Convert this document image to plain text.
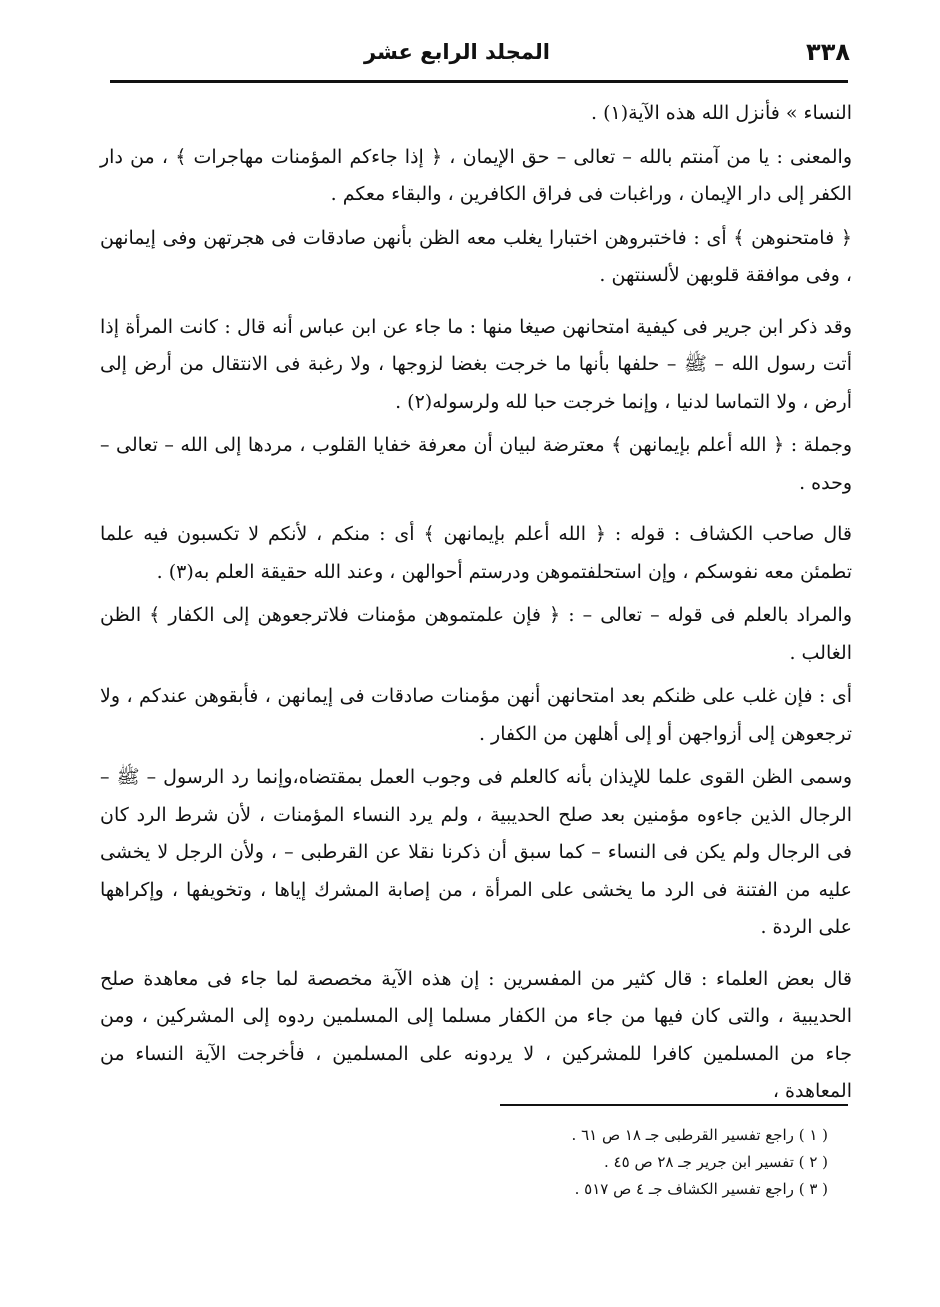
٣٣٨
المجلد الرابع عشر

النساء » فأنزل الله هذه الآية(١) .

والمعنى : يا من آمنتم بالله – تعالى – حق الإيمان ، ﴿ إذا جاءكم المؤمنات مهاجرات ﴾ ، من دار الكفر إلى دار الإيمان ، وراغبات فى فراق الكافرين ، والبقاء معكم .

﴿ فامتحنوهن ﴾ أى : فاختبروهن اختبارا يغلب معه الظن بأنهن صادقات فى هجرتهن وفى إيمانهن ، وفى موافقة قلوبهن لألسنتهن .

وقد ذكر ابن جرير فى كيفية امتحانهن صيغا منها : ما جاء عن ابن عباس أنه قال : كانت المرأة إذا أتت رسول الله – ﷺ – حلفها بأنها ما خرجت بغضا لزوجها ، ولا رغبة فى الانتقال من أرض إلى أرض ، ولا التماسا لدنيا ، وإنما خرجت حبا لله ولرسوله(٢) .

وجملة : ﴿ الله أعلم بإيمانهن ﴾ معترضة لبيان أن معرفة خفايا القلوب ، مردها إلى الله – تعالى – وحده .

قال صاحب الكشاف : قوله : ﴿ الله أعلم بإيمانهن ﴾ أى : منكم ، لأنكم لا تكسبون فيه علما تطمئن معه نفوسكم ، وإن استحلفتموهن ودرستم أحوالهن ، وعند الله حقيقة العلم به(٣) .

والمراد بالعلم فى قوله – تعالى – : ﴿ فإن علمتموهن مؤمنات فلاترجعوهن إلى الكفار ﴾ الظن الغالب .

أى : فإن غلب على ظنكم بعد امتحانهن أنهن مؤمنات صادقات فى إيمانهن ، فأبقوهن عندكم ، ولا ترجعوهن إلى أزواجهن أو إلى أهلهن من الكفار .

وسمى الظن القوى علما للإيذان بأنه كالعلم فى وجوب العمل بمقتضاه،وإنما رد الرسول – ﷺ – الرجال الذين جاءوه مؤمنين بعد صلح الحديبية ، ولم يرد النساء المؤمنات ، لأن شرط الرد كان فى الرجال ولم يكن فى النساء – كما سبق أن ذكرنا نقلا عن القرطبى – ، ولأن الرجل لا يخشى عليه من الفتنة فى الرد ما يخشى على المرأة ، من إصابة المشرك إياها ، وتخويفها ، وإكراهها على الردة .

قال بعض العلماء : قال كثير من المفسرين : إن هذه الآية مخصصة لما جاء فى معاهدة صلح الحديبية ، والتى كان فيها من جاء من الكفار مسلما إلى المسلمين ردوه إلى المشركين ، ومن جاء من المسلمين كافرا للمشركين ، لا يردونه على المسلمين ، فأخرجت الآية النساء من المعاهدة ،

( ١ ) راجع تفسير القرطبى جـ ١٨ ص ٦١ .

( ٢ ) تفسير ابن جرير جـ ٢٨ ص ٤٥ .

( ٣ ) راجع تفسير الكشاف جـ ٤ ص ٥١٧ .
